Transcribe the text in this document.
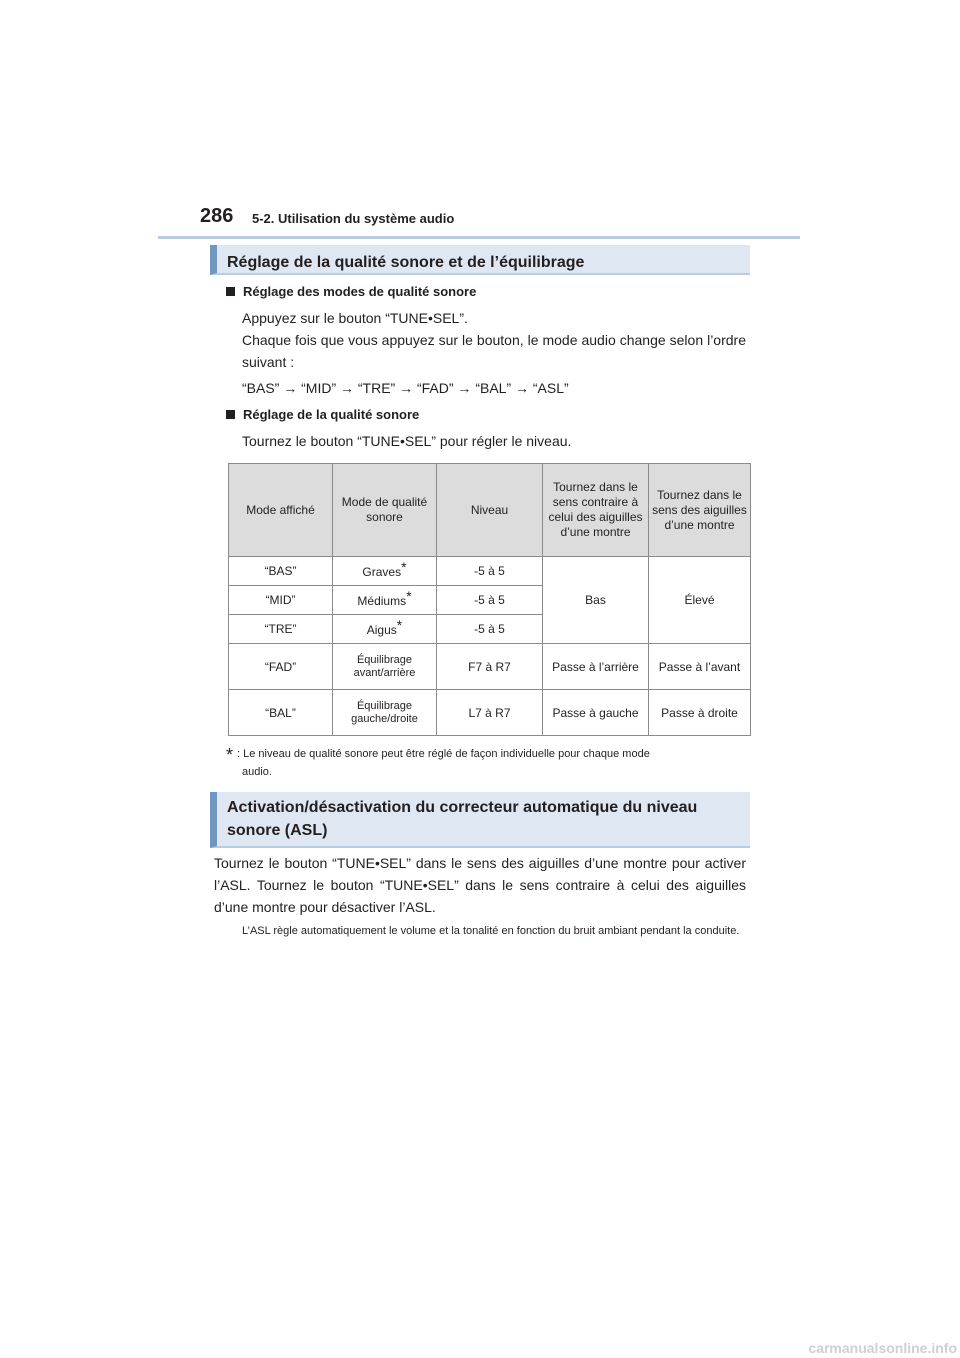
286 5-2. Utilisation du système audio
Réglage de la qualité sonore et de l’équilibrage
Réglage des modes de qualité sonore

Appuyez sur le bouton “TUNE•SEL”.

Chaque fois que vous appuyez sur le bouton, le mode audio change selon l’ordre suivant :

“BAS” → “MID” → “TRE” → “FAD” → “BAL” → “ASL”

Réglage de la qualité sonore

Tournez le bouton “TUNE•SEL” pour régler le niveau.

Mode affiché	Mode de qualité sonore	Niveau	Tournez dans le sens contraire à celui des aiguilles d’une montre	Tournez dans le sens des aiguilles d’une montre
“BAS”	Graves*	-5 à 5	Bas	Élevé
“MID”	Médiums*	-5 à 5		
“TRE”	Aigus*	-5 à 5		
“FAD”	Équilibrage avant/arrière	F7 à R7	Passe à l’arrière	Passe à l’avant
“BAL”	Équilibrage gauche/droite	L7 à R7	Passe à gauche	Passe à droite
* : Le niveau de qualité sonore peut être réglé de façon individuelle pour chaque mode
audio.
Activation/désactivation du correcteur automatique du niveau sonore (ASL)
Tournez le bouton “TUNE•SEL” dans le sens des aiguilles d’une montre pour activer l’ASL. Tournez le bouton “TUNE•SEL” dans le sens contraire à celui des aiguilles d’une montre pour désactiver l’ASL.
L’ASL règle automatiquement le volume et la tonalité en fonction du bruit ambiant pendant la conduite.
carmanualsonline.info
